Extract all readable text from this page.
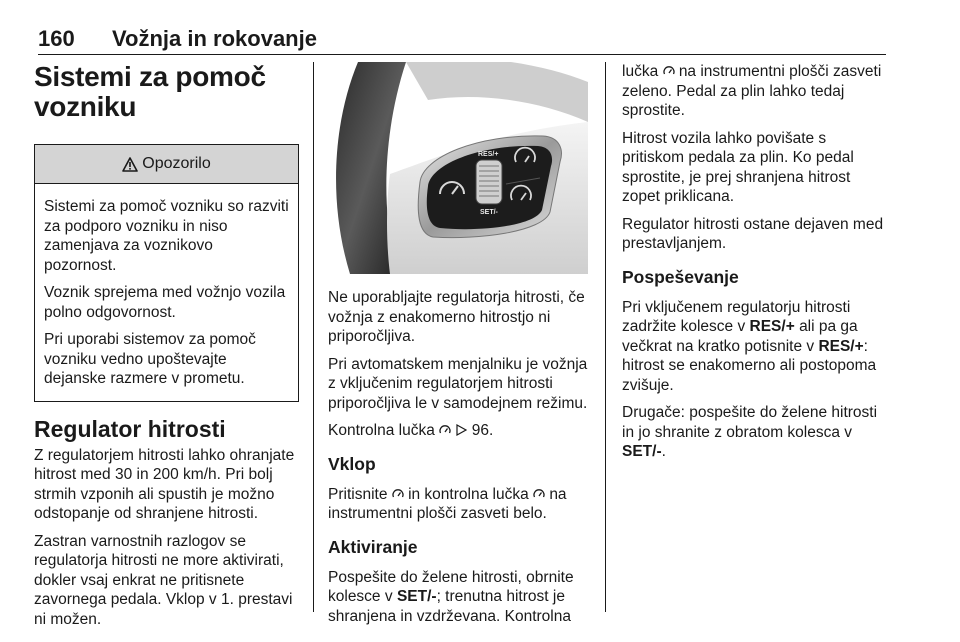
160 Vožnja in rokovanje
Sistemi za pomoč vozniku
Opozorilo

Sistemi za pomoč vozniku so razviti za podporo vozniku in niso zamenjava za voznikovo pozornost.

Voznik sprejema med vožnjo vozila polno odgovornost.

Pri uporabi sistemov za pomoč vozniku vedno upoštevajte dejanske razmere v prometu.

Regulator hitrosti

Z regulatorjem hitrosti lahko ohranjate hitrost med 30 in 200 km/h. Pri bolj strmih vzponih ali spustih je možno odstopanje od shranjene hitrosti.

Zastran varnostnih razlogov se regulatorja hitrosti ne more aktivirati, dokler vsaj enkrat ne pritisnete zavornega pedala. Vklop v 1. prestavi ni možen.

RES/+
SET/-

Ne uporabljajte regulatorja hitrosti, če vožnja z enakomerno hitrostjo ni priporočljiva.

Pri avtomatskem menjalniku je vožnja z vključenim regulatorjem hitrosti priporočljiva le v samodejnem režimu.

Kontrolna lučka 96.

Vklop

Pritisnite in kontrolna lučka na instrumentni plošči zasveti belo.

Aktiviranje

Pospešite do želene hitrosti, obrnite kolesce v SET/-; trenutna hitrost je shranjena in vzdrževana. Kontrolna

lučka na instrumentni plošči zasveti zeleno. Pedal za plin lahko tedaj sprostite.

Hitrost vozila lahko povišate s pritiskom pedala za plin. Ko pedal sprostite, je prej shranjena hitrost zopet priklicana.

Regulator hitrosti ostane dejaven med prestavljanjem.

Pospeševanje

Pri vključenem regulatorju hitrosti zadržite kolesce v RES/+ ali pa ga večkrat na kratko potisnite v RES/+: hitrost se enakomerno ali postopoma zvišuje.

Drugače: pospešite do želene hitrosti in jo shranite z obratom kolesca v SET/-.
